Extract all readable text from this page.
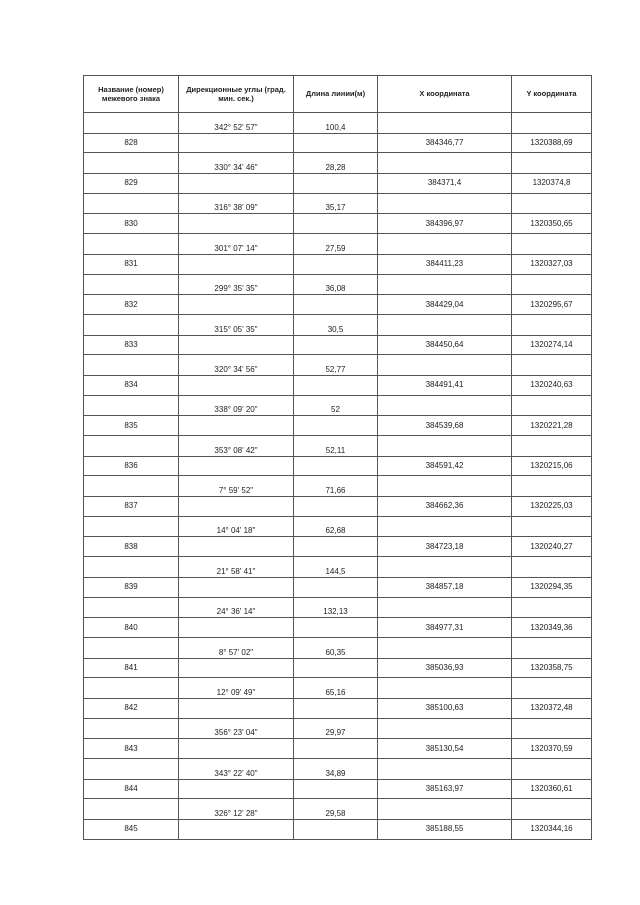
Название (номер) межевого знака	Дирекционные углы (град. мин. сек.)	Длина линии(м)	Х координата	Y координата
	342° 52' 57"	100,4		
828			384346,77	1320388,69
	330° 34' 46"	28,28		
829			384371,4	1320374,8
	316° 38' 09"	35,17		
830			384396,97	1320350,65
	301° 07' 14"	27,59		
831			384411,23	1320327,03
	299° 35' 35"	36,08		
832			384429,04	1320295,67
	315° 05' 35"	30,5		
833			384450,64	1320274,14
	320° 34' 56"	52,77		
834			384491,41	1320240,63
	338° 09' 20"	52		
835			384539,68	1320221,28
	353° 08' 42"	52,11		
836			384591,42	1320215,06
	7° 59' 52"	71,66		
837			384662,36	1320225,03
	14° 04' 18"	62,68		
838			384723,18	1320240,27
	21° 58' 41"	144,5		
839			384857,18	1320294,35
	24° 36' 14"	132,13		
840			384977,31	1320349,36
	8° 57' 02"	60,35		
841			385036,93	1320358,75
	12° 09' 49"	65,16		
842			385100,63	1320372,48
	356° 23' 04"	29,97		
843			385130,54	1320370,59
	343° 22' 40"	34,89		
844			385163,97	1320360,61
	326° 12' 28"	29,58		
845			385188,55	1320344,16
